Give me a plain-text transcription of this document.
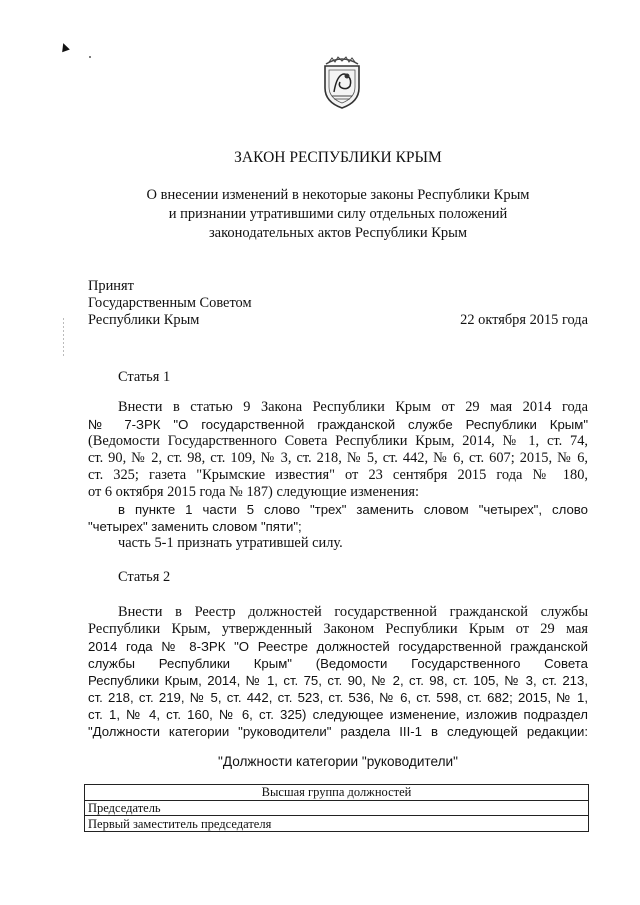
▲
ЗАКОН РЕСПУБЛИКИ КРЫМ
О внесении изменений в некоторые законы Республики Крым
и признании утратившими силу отдельных положений
законодательных актов Республики Крым
Принят
Государственным Советом
Республики Крым	22 октября 2015 года
Статья 1
Внести в статью 9 Закона Республики Крым от 29 мая 2014 года
№ 7-ЗРК "О государственной гражданской службе Республики Крым"
(Ведомости Государственного Совета Республики Крым, 2014, № 1, ст. 74,
ст. 90, № 2, ст. 98, ст. 109, № 3, ст. 218, № 5, ст. 442, № 6, ст. 607; 2015, № 6,
ст. 325; газета "Крымские известия" от 23 сентября 2015 года № 180,
от 6 октября 2015 года № 187) следующие изменения:
в пункте 1 части 5 слово "трех" заменить словом "четырех", слово
"четырех" заменить словом "пяти";
часть 5-1 признать утратившей силу.
Статья 2
Внести в Реестр должностей государственной гражданской службы
Республики Крым, утвержденный Законом Республики Крым от 29 мая
2014 года № 8-ЗРК "О Реестре должностей государственной гражданской
службы Республики Крым" (Ведомости Государственного Совета
Республики Крым, 2014, № 1, ст. 75, ст. 90, № 2, ст. 98, ст. 105, № 3, ст. 213,
ст. 218, ст. 219, № 5, ст. 442, ст. 523, ст. 536, № 6, ст. 598, ст. 682; 2015, № 1,
ст. 1, № 4, ст. 160, № 6, ст. 325) следующее изменение, изложив подраздел
"Должности категории "руководители" раздела III-1 в следующей редакции:
"Должности категории "руководители"
Высшая группа должностей
Председатель
Первый заместитель председателя
